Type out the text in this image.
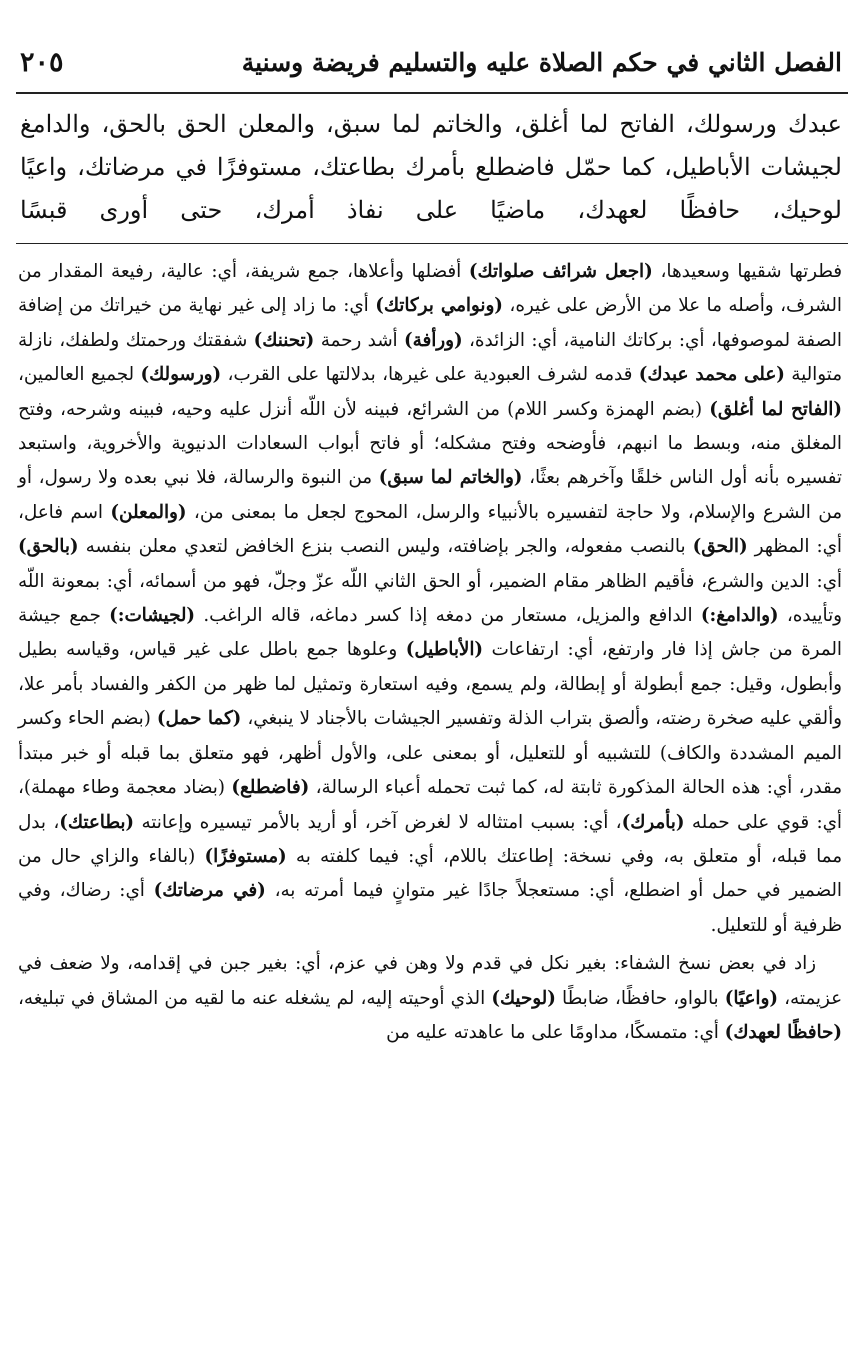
الفصل الثاني في حكم الصلاة عليه والتسليم فريضة وسنية
٢٠٥

عبدك ورسولك، الفاتح لما أغلق، والخاتم لما سبق، والمعلن الحق بالحق، والدامغ لجيشات الأباطيل، كما حمّل فاضطلع بأمرك بطاعتك، مستوفزًا في مرضاتك، واعيًا لوحيك، حافظًا لعهدك، ماضيًا على نفاذ أمرك، حتى أورى قبسًا

فطرتها شقيها وسعيدها، (اجعل شرائف صلواتك) أفضلها وأعلاها، جمع شريفة، أي: عالية، رفيعة المقدار من الشرف، وأصله ما علا من الأرض على غيره، (ونوامي بركاتك) أي: ما زاد إلى غير نهاية من خيراتك من إضافة الصفة لموصوفها، أي: بركاتك النامية، أي: الزائدة، (ورأفة) أشد رحمة (تحننك) شفقتك ورحمتك ولطفك، نازلة متوالية (على محمد عبدك) قدمه لشرف العبودية على غيرها، بدلالتها على القرب، (ورسولك) لجميع العالمين، (الفاتح لما أغلق) (بضم الهمزة وكسر اللام) من الشرائع، فبينه لأن اللّه أنزل عليه وحيه، فبينه وشرحه، وفتح المغلق منه، وبسط ما انبهم، فأوضحه وفتح مشكله؛ أو فاتح أبواب السعادات الدنيوية والأخروية، واستبعد تفسيره بأنه أول الناس خلقًا وآخرهم بعثًا، (والخاتم لما سبق) من النبوة والرسالة، فلا نبي بعده ولا رسول، أو من الشرع والإسلام، ولا حاجة لتفسيره بالأنبياء والرسل، المحوج لجعل ما بمعنى من، (والمعلن) اسم فاعل، أي: المظهر (الحق) بالنصب مفعوله، والجر بإضافته، وليس النصب بنزع الخافض لتعدي معلن بنفسه (بالحق) أي: الدين والشرع، فأقيم الظاهر مقام الضمير، أو الحق الثاني اللّه عزّ وجلّ، فهو من أسمائه، أي: بمعونة اللّه وتأييده، (والدامغ:) الدافع والمزيل، مستعار من دمغه إذا كسر دماغه، قاله الراغب. (لجيشات:) جمع جيشة المرة من جاش إذا فار وارتفع، أي: ارتفاعات (الأباطيل) وعلوها جمع باطل على غير قياس، وقياسه بطيل وأبطول، وقيل: جمع أبطولة أو إبطالة، ولم يسمع، وفيه استعارة وتمثيل لما ظهر من الكفر والفساد بأمر علا، وألقي عليه صخرة رضته، وألصق بتراب الذلة وتفسير الجيشات بالأجناد لا ينبغي، (كما حمل) (بضم الحاء وكسر الميم المشددة والكاف) للتشبيه أو للتعليل، أو بمعنى على، والأول أظهر، فهو متعلق بما قبله أو خبر مبتدأ مقدر، أي: هذه الحالة المذكورة ثابتة له، كما ثبت تحمله أعباء الرسالة، (فاضطلع) (بضاد معجمة وطاء مهملة)، أي: قوي على حمله (بأمرك)، أي: بسبب امتثاله لا لغرض آخر، أو أريد بالأمر تيسيره وإعانته (بطاعتك)، بدل مما قبله، أو متعلق به، وفي نسخة: إطاعتك باللام، أي: فيما كلفته به (مستوفزًا) (بالفاء والزاي حال من الضمير في حمل أو اضطلع، أي: مستعجلاً جادًا غير متوانٍ فيما أمرته به، (في مرضاتك) أي: رضاك، وفي ظرفية أو للتعليل.

زاد في بعض نسخ الشفاء: بغير نكل في قدم ولا وهن في عزم، أي: بغير جبن في إقدامه، ولا ضعف في عزيمته، (واعيًا) بالواو، حافظًا، ضابطًا (لوحيك) الذي أوحيته إليه، لم يشغله عنه ما لقيه من المشاق في تبليغه، (حافظًا لعهدك) أي: متمسكًا، مداومًا على ما عاهدته عليه من
